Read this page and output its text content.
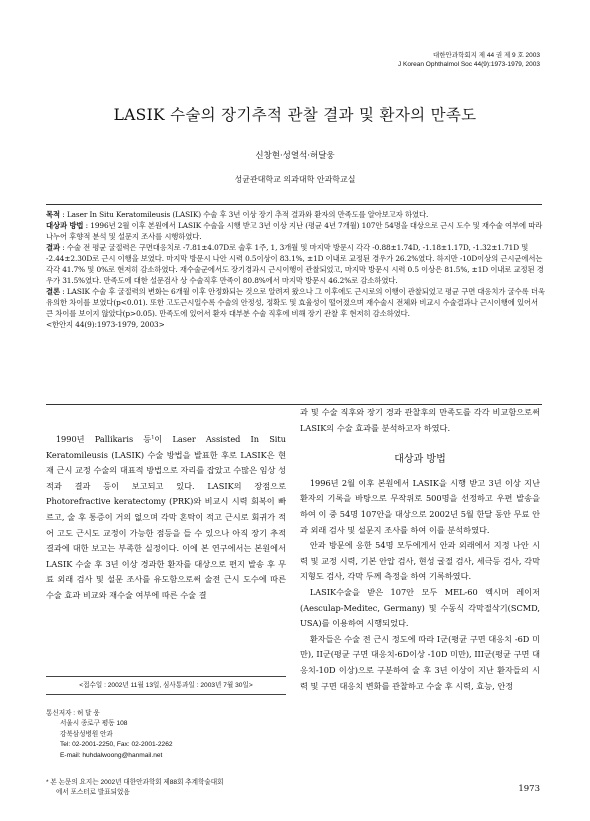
대한안과학회지 제 44 권 제 9 호 2003
J Korean Ophthalmol Soc 44(9):1973-1979, 2003
LASIK 수술의 장기추적 관찰 결과 및 환자의 만족도
신창현·성열석·허달웅
성균관대학교 의과대학 안과학교실

목적 : Laser In Situ Keratomileusis (LASIK) 수술 후 3년 이상 장기 추적 결과와 환자의 만족도를 알아보고자 하였다.

대상과 방법 : 1996년 2월 이후 본원에서 LASIK 수술을 시행 받고 3년 이상 지난 (평균 4년 7개월) 107안 54명을 대상으로 근시 도수 및 재수술 여부에 따라 나누어 후향적 분석 및 설문지 조사를 시행하였다.

결과 : 수술 전 평균 굴절력은 구면대응치로 -7.81±4.07D로 술후 1주, 1, 3개월 및 마지막 방문시 각각 -0.88±1.74D, -1.18±1.17D, -1.32±1.71D 및 -2.44±2.30D로 근시 이행을 보였다. 마지막 방문시 나안 시력 0.5이상이 83.1%, ±1D 이내로 교정된 경우가 26.2%였다. 하지만 -10D이상의 근시군에서는 각각 41.7% 및 0%로 현저히 감소하였다. 재수술군에서도 장기경과시 근시이행이 관찰되었고, 마지막 방문시 시력 0.5 이상은 81.5%, ±1D 이내로 교정된 경우가 31.5%였다. 만족도에 대한 설문검사 상 수술직후 만족이 80.8%에서 마지막 방문시 46.2%로 감소하였다.

결론 : LASIK 수술 후 굴절력의 변화는 6개월 이후 안정화되는 것으로 알려져 왔으나 그 이후에도 근시로의 이행이 관찰되었고 평균 구면 대응치가 굴수록 더욱 유의한 차이를 보였다(p<0.01). 또한 고도근시일수록 수술의 안정성, 정확도 및 효율성이 떨어졌으며 재수술시 전체와 비교시 수술결과나 근시이행에 있어서 큰 차이를 보이지 않았다(p>0.05). 만족도에 있어서 환자 대부분 수술 직후에 비해 장기 관찰 후 현저히 감소하였다.

<한안지 44(9):1973-1979, 2003>

1990년 Pallikaris 등$^1$이 Laser Assisted In Situ Keratomileusis (LASIK) 수술 방법을 발표한 후로 LASIK은 현재 근시 교정 수술의 대표적 방법으로 자리를 잡았고 수많은 임상 성적과 결과 등이 보고되고 있다. LASIK의 장점으로 Photorefractive keratectomy (PRK)와 비교시 시력 회복이 빠르고, 술 후 통증이 거의 없으며 각막 혼탁이 적고 근시로 회귀가 적어 고도 근시도 교정이 가능한 점등을 들 수 있으나 아직 장기 추적 결과에 대한 보고는 부족한 실정이다. 이에 본 연구에서는 본원에서 LASIK 수술 후 3년 이상 경과한 환자를 대상으로 편지 발송 후 무료 외래 검사 및 설문 조사를 유도함으로써 술전 근시 도수에 따른 수술 효과 비교와 재수술 여부에 따른 수술 결

과 및 수술 직후와 장기 경과 관찰후의 만족도를 각각 비교함으로써 LASIK의 수술 효과를 분석하고자 하였다.

대상과 방법

1996년 2월 이후 본원에서 LASIK을 시행 받고 3년 이상 지난 환자의 기록을 바탕으로 무작위로 500명을 선정하고 우편 발송을 하여 이 중 54명 107안을 대상으로 2002년 5월 한달 동안 무료 안과 외래 검사 및 설문지 조사를 하여 이를 분석하였다.

안과 방문에 응한 54명 모두에게서 안과 외래에서 지정 나안 시력 및 교정 시력, 기본 안압 검사, 현성 굴절 검사, 세극등 검사, 각막 지형도 검사, 각막 두께 측정을 하여 기록하였다.

LASIK수술을 받은 107안 모두 MEL-60 엑시머 레이저(Aesculap-Meditec, Germany) 및 수동식 각막절삭기(SCMD, USA)를 이용하여 시행되었다.

환자들은 수술 전 근시 정도에 따라 I군(평균 구면 대응치 -6D 미만), II군(평균 구면 대응치-6D이상 -10D 미만), III군(평균 구면 대응치-10D 이상)으로 구분하여 술 후 3년 이상이 지난 환자들의 시력 및 구면 대응치 변화를 관찰하고 수술 후 시력, 효능, 안정

<접수일 : 2002년 11월 13일, 심사통과일 : 2003년 7월 30일>
통신저자 : 허 달 웅
서울시 종로구 평동 108
강북삼성병원 안과
Tel: 02-2001-2250, Fax: 02-2001-2262
E-mail: huhdalwoong@hanmail.net
* 본 논문의 요지는 2002년 대한안과학회 제88회 추계학술대회
에서 포스터로 발표되었음	1973
